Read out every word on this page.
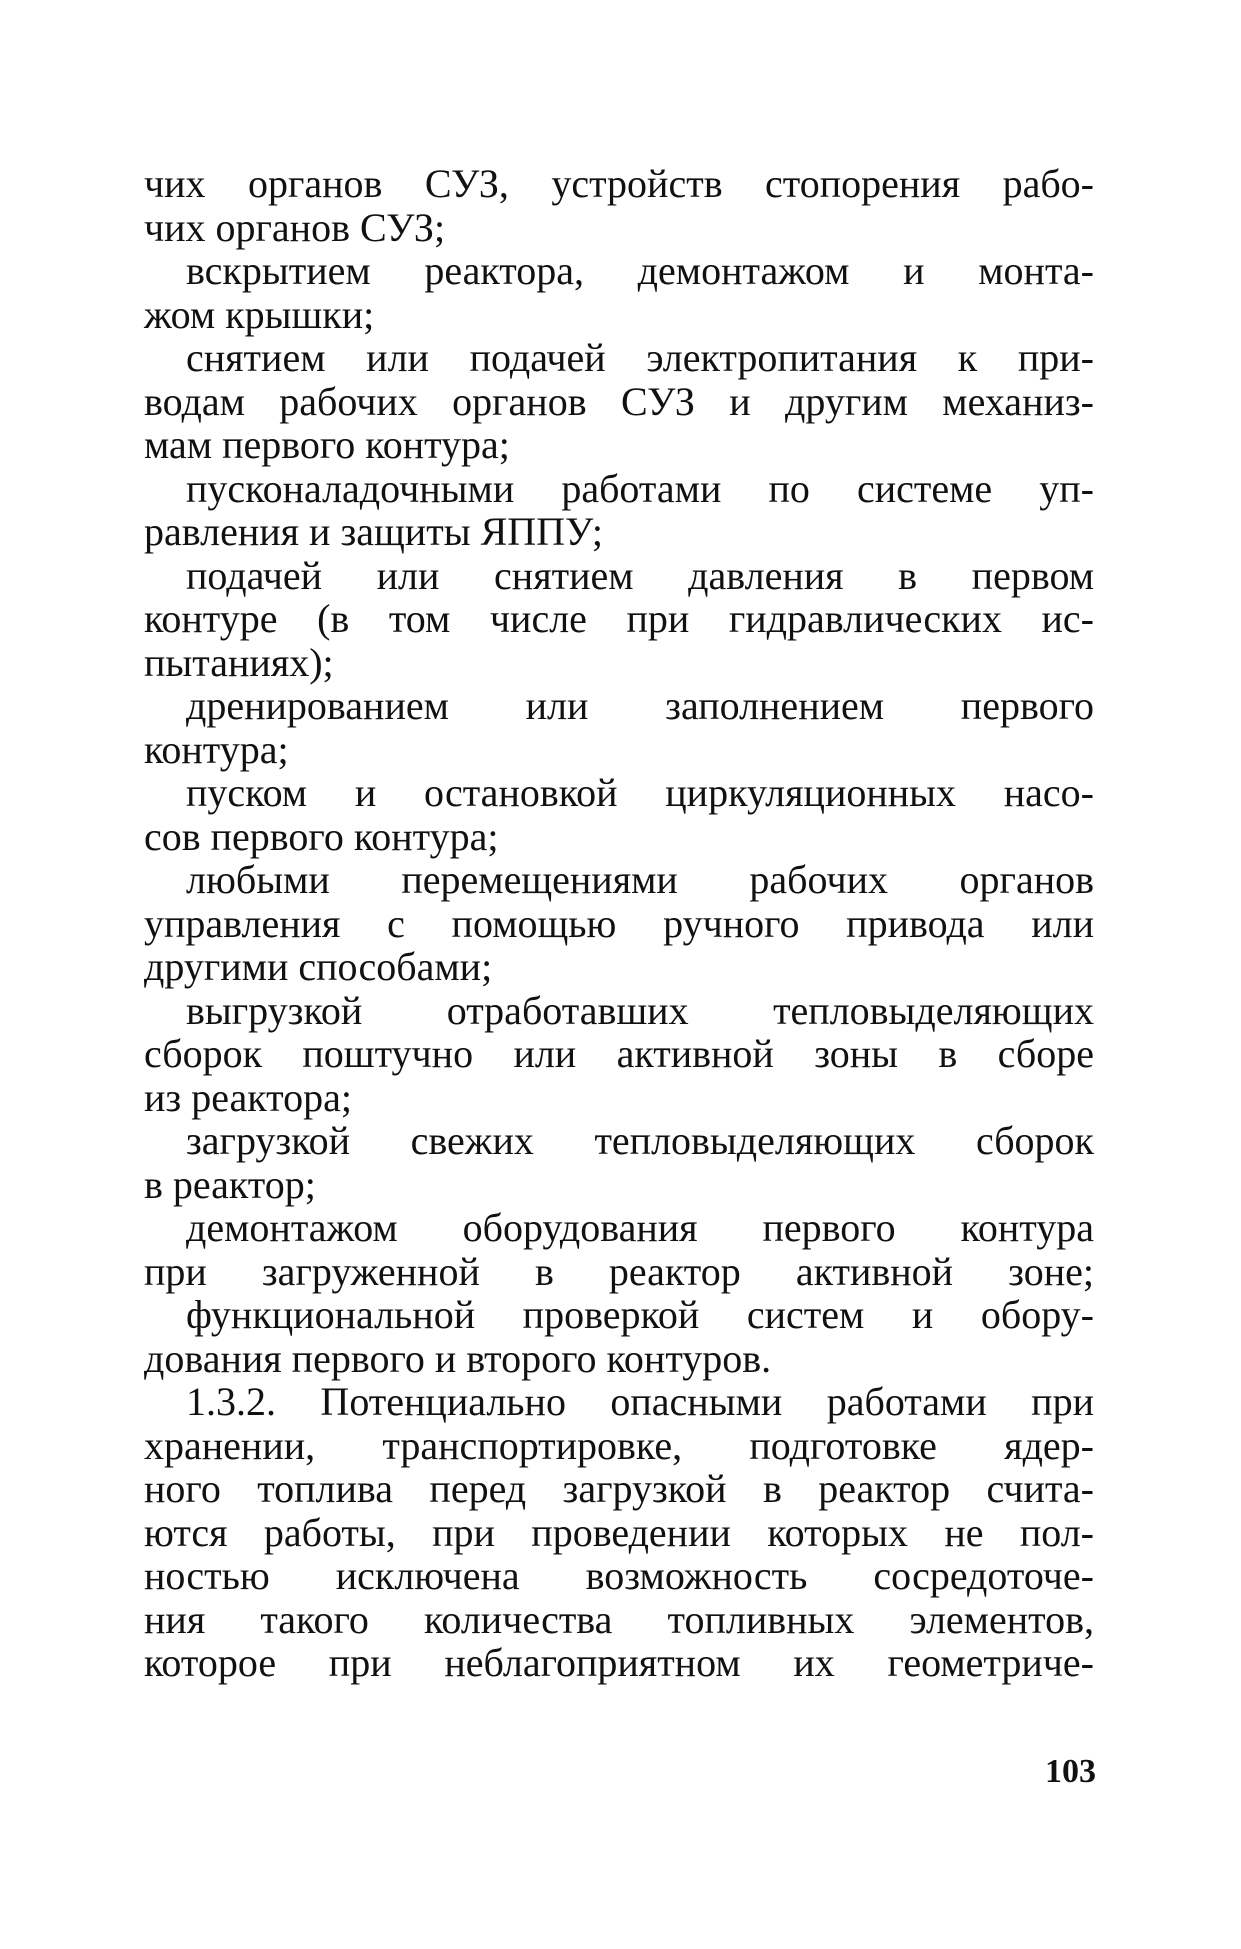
чих органов СУЗ, устройств стопорения рабо-
чих органов СУЗ;
вскрытием реактора, демонтажом и монта-
жом крышки;
снятием или подачей электропитания к при-
водам рабочих органов СУЗ и другим механиз-
мам первого контура;
пусконаладочными работами по системе уп-
равления и защиты ЯППУ;
подачей или снятием давления в первом
контуре (в том числе при гидравлических ис-
пытаниях);
дренированием или заполнением первого
контура;
пуском и остановкой циркуляционных насо-
сов первого контура;
любыми перемещениями рабочих органов
управления с помощью ручного привода или
другими способами;
выгрузкой отработавших тепловыделяющих
сборок поштучно или активной зоны в сборе
из реактора;
загрузкой свежих тепловыделяющих сборок
в реактор;
демонтажом оборудования первого контура
при загруженной в реактор активной зоне;
функциональной проверкой систем и обору-
дования первого и второго контуров.
1.3.2. Потенциально опасными работами при
хранении, транспортировке, подготовке ядер-
ного топлива перед загрузкой в реактор счита-
ются работы, при проведении которых не пол-
ностью исключена возможность сосредоточе-
ния такого количества топливных элементов,
которое при неблагоприятном их геометриче-
103
